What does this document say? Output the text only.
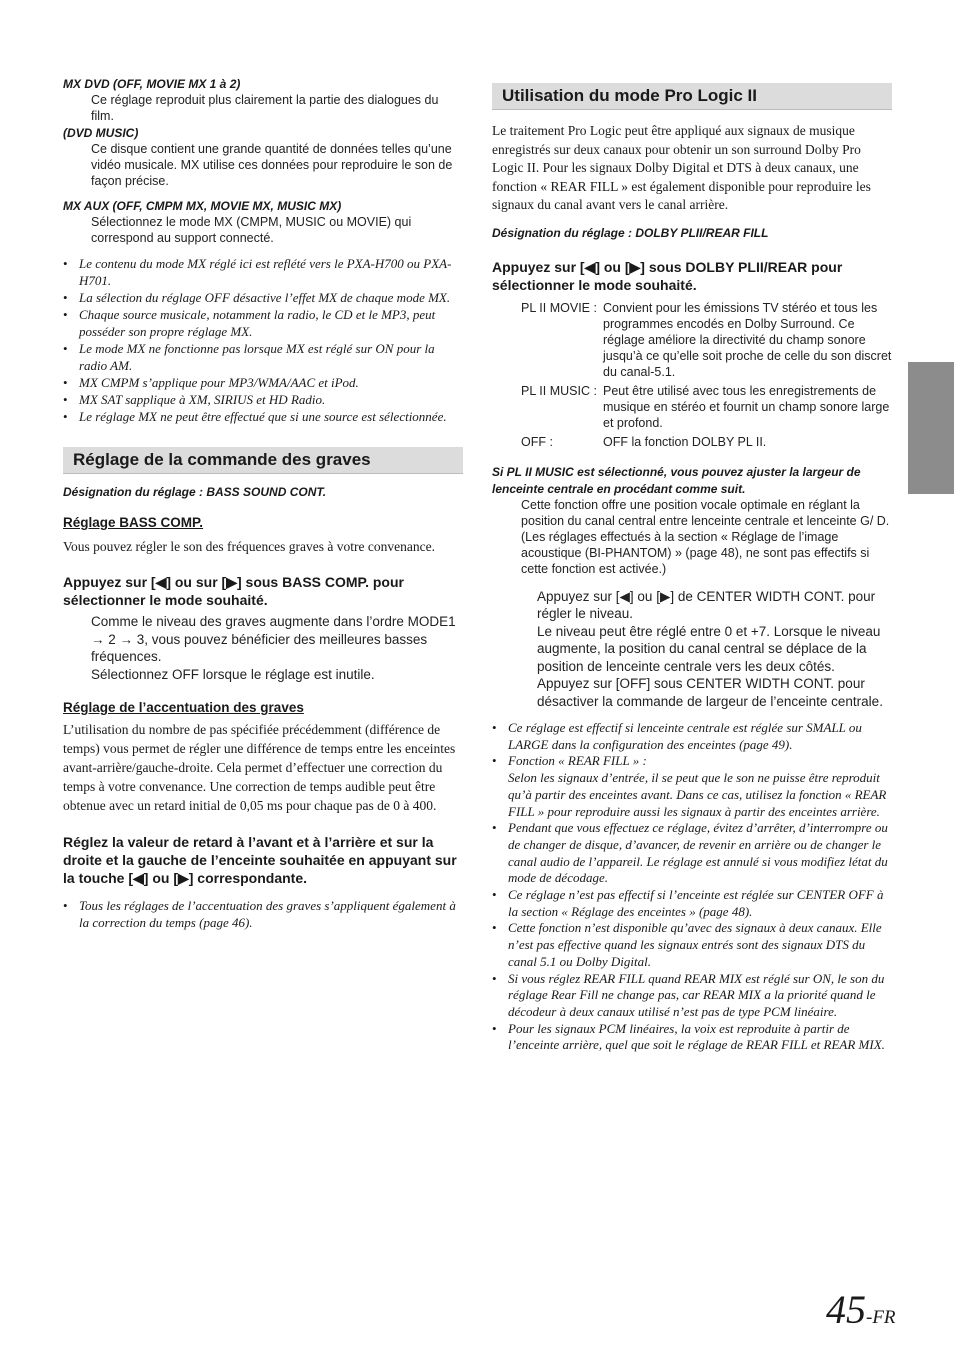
MX DVD (OFF, MOVIE MX 1 à 2)
Ce réglage reproduit plus clairement la partie des dialogues du film.
(DVD MUSIC)
Ce disque contient une grande quantité de données telles qu’une vidéo musicale. MX utilise ces données pour reproduire le son de façon précise.
MX AUX (OFF, CMPM MX, MOVIE MX, MUSIC MX)
Sélectionnez le mode MX (CMPM, MUSIC ou MOVIE) qui correspond au support connecté.
• Le contenu du mode MX réglé ici est reflété vers le PXA-H700 ou PXA-H701.
• La sélection du réglage OFF désactive l’effet MX de chaque mode MX.
• Chaque source musicale, notamment la radio, le CD et le MP3, peut posséder son propre réglage MX.
• Le mode MX ne fonctionne pas lorsque MX est réglé sur ON pour la radio AM.
• MX CMPM s’applique pour MP3/WMA/AAC et iPod.
• MX SAT sapplique à XM, SIRIUS et HD Radio.
• Le réglage MX ne peut être effectué que si une source est sélectionnée.
Réglage de la commande des graves
Désignation du réglage : BASS SOUND CONT.
Réglage BASS COMP.
Vous pouvez régler le son des fréquences graves à votre convenance.
Appuyez sur [◀] ou sur [▶] sous BASS COMP. pour sélectionner le mode souhaité.
Comme le niveau des graves augmente dans l’ordre MODE1 → 2 → 3, vous pouvez bénéficier des meilleures basses fréquences.
Sélectionnez OFF lorsque le réglage est inutile.
Réglage de l’accentuation des graves
L’utilisation du nombre de pas spécifiée précédemment (différence de temps) vous permet de régler une différence de temps entre les enceintes avant-arrière/gauche-droite. Cela permet d’effectuer une correction du temps à votre convenance. Une correction de temps audible peut être obtenue avec un retard initial de 0,05 ms pour chaque pas de 0 à 400.
Réglez la valeur de retard à l’avant et à l’arrière et sur la droite et la gauche de l’enceinte souhaitée en appuyant sur la touche [◀] ou [▶] correspondante.
• Tous les réglages de l’accentuation des graves s’appliquent également à la correction du temps (page 46).
Utilisation du mode Pro Logic II
Le traitement Pro Logic peut être appliqué aux signaux de musique enregistrés sur deux canaux pour obtenir un son surround Dolby Pro Logic II. Pour les signaux Dolby Digital et DTS à deux canaux, une fonction « REAR FILL » est également disponible pour reproduire les signaux du canal avant vers le canal arrière.
Désignation du réglage : DOLBY PLII/REAR FILL
Appuyez sur [◀] ou [▶] sous DOLBY PLII/REAR pour sélectionner le mode souhaité.
PL II MOVIE : Convient pour les émissions TV stéréo et tous les programmes encodés en Dolby Surround. Ce réglage améliore la directivité du champ sonore jusqu’à ce qu’elle soit proche de celle du son discret du canal-5.1.
PL II MUSIC : Peut être utilisé avec tous les enregistrements de musique en stéréo et fournit un champ sonore large et profond.
OFF :	OFF la fonction DOLBY PL II.
Si PL II MUSIC est sélectionné, vous pouvez ajuster la largeur de lenceinte centrale en procédant comme suit.
Cette fonction offre une position vocale optimale en réglant la position du canal central entre lenceinte centrale et lenceinte G/ D. (Les réglages effectués à la section « Réglage de l’image acoustique (BI-PHANTOM) » (page 48), ne sont pas effectifs si cette fonction est activée.)
Appuyez sur [◀] ou [▶] de CENTER WIDTH CONT. pour régler le niveau.
Le niveau peut être réglé entre 0 et +7. Lorsque le niveau augmente, la position du canal central se déplace de la position de lenceinte centrale vers les deux côtés.
Appuyez sur [OFF] sous CENTER WIDTH CONT. pour désactiver la commande de largeur de l’enceinte centrale.
• Ce réglage est effectif si lenceinte centrale est réglée sur SMALL ou LARGE dans la configuration des enceintes (page 49).
• Fonction « REAR FILL » :
Selon les signaux d’entrée, il se peut que le son ne puisse être reproduit qu’à partir des enceintes avant. Dans ce cas, utilisez la fonction « REAR FILL » pour reproduire aussi les signaux à partir des enceintes arrière.
• Pendant que vous effectuez ce réglage, évitez d’arrêter, d’interrompre ou de changer de disque, d’avancer, de revenir en arrière ou de changer le canal audio de l’appareil. Le réglage est annulé si vous modifiez létat du mode de décodage.
• Ce réglage n’est pas effectif si l’enceinte est réglée sur CENTER OFF à la section « Réglage des enceintes » (page 48).
• Cette fonction n’est disponible qu’avec des signaux à deux canaux. Elle n’est pas effective quand les signaux entrés sont des signaux DTS du canal 5.1 ou Dolby Digital.
• Si vous réglez REAR FILL quand REAR MIX est réglé sur ON, le son du réglage Rear Fill ne change pas, car REAR MIX a la priorité quand le décodeur à deux canaux utilisé n’est pas de type PCM linéaire.
• Pour les signaux PCM linéaires, la voix est reproduite à partir de l’enceinte arrière, quel que soit le réglage de REAR FILL et REAR MIX.
45-FR
